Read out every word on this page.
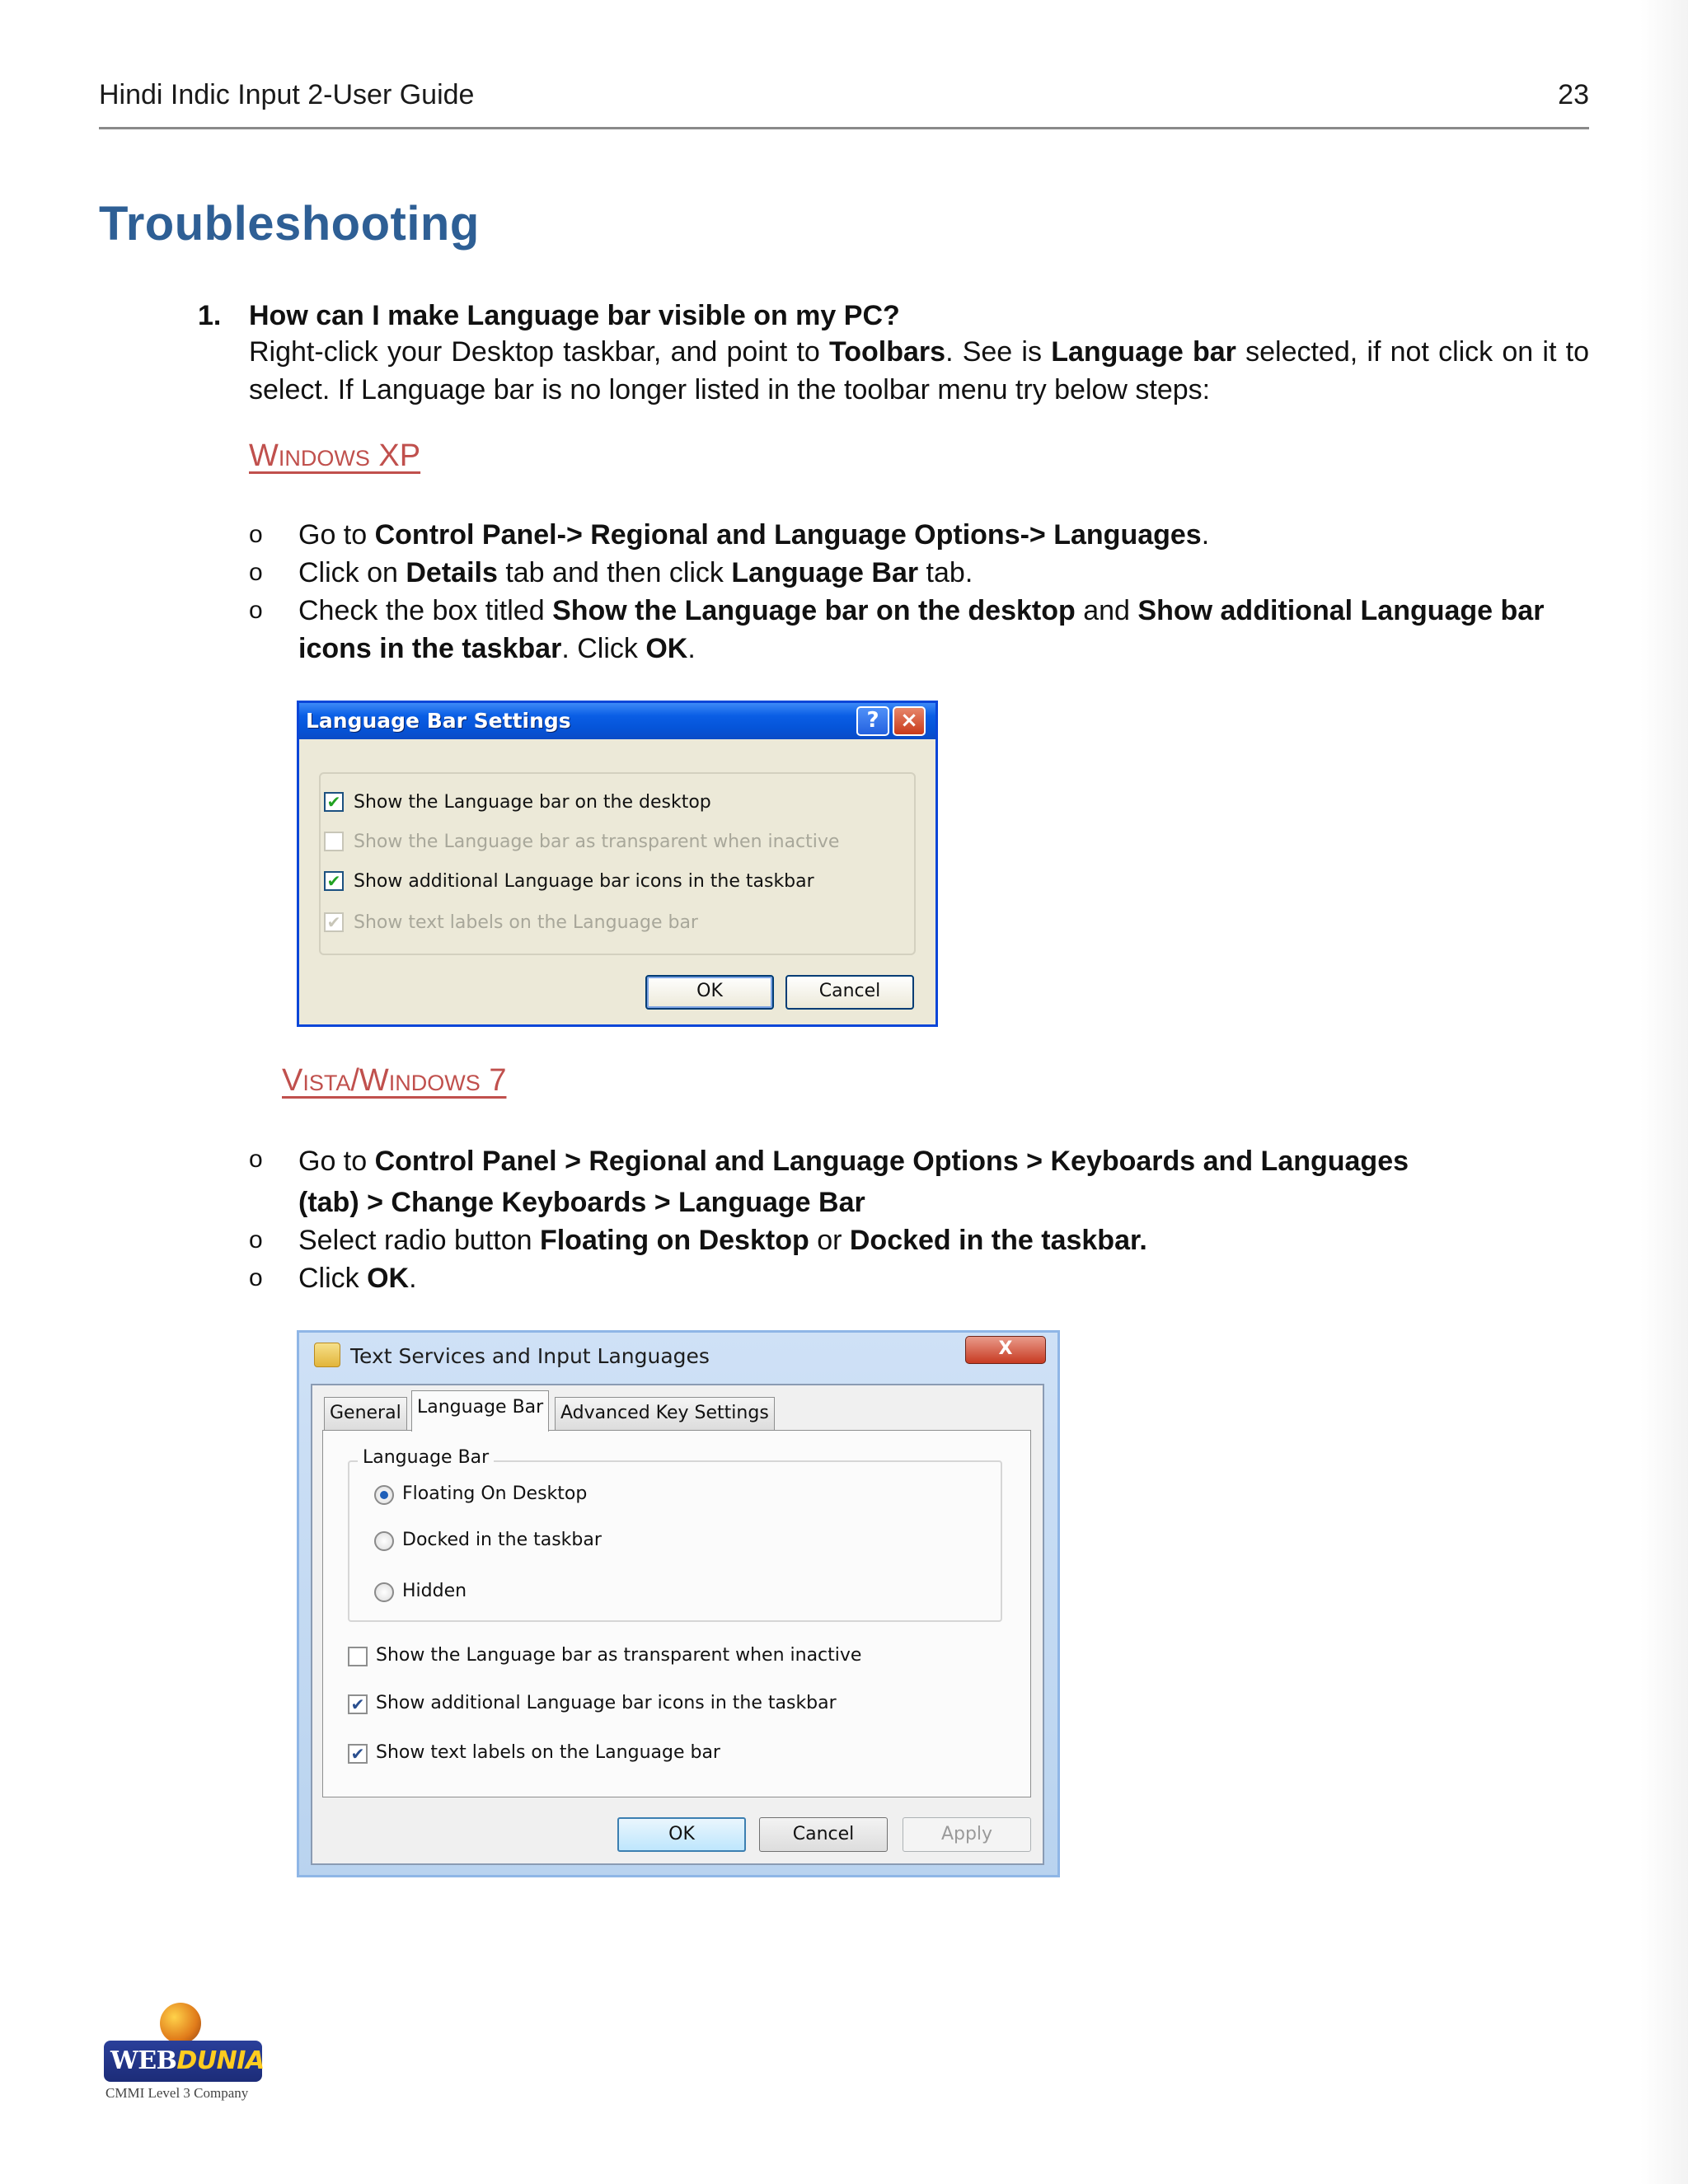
Hindi Indic Input 2-User Guide	23
Troubleshooting
1. How can I make Language bar visible on my PC?
Right-click your Desktop taskbar, and point to Toolbars. See is Language bar selected, if not click on it to select. If Language bar is no longer listed in the toolbar menu try below steps:
Windows XP
o Go to Control Panel-> Regional and Language Options-> Languages.
o Click on Details tab and then click Language Bar tab.
o Check the box titled Show the Language bar on the desktop and Show additional Language bar icons in the taskbar. Click OK.
Language Bar Settings	? ×
✔ Show the Language bar on the desktop
Show the Language bar as transparent when inactive
✔ Show additional Language bar icons in the taskbar
✔ Show text labels on the Language bar
OK	Cancel
Vista/Windows 7
o Go to Control Panel > Regional and Language Options > Keyboards and Languages
(tab) > Change Keyboards > Language Bar
o Select radio button Floating on Desktop or Docked in the taskbar.
o Click OK.
Text Services and Input Languages	X
General Language Bar Advanced Key Settings
Language Bar
Floating On Desktop
Docked in the taskbar
Hidden
Show the Language bar as transparent when inactive
✔ Show additional Language bar icons in the taskbar
✔ Show text labels on the Language bar
OK	Cancel	Apply
WEBDUNIA
CMMI Level 3 Company
